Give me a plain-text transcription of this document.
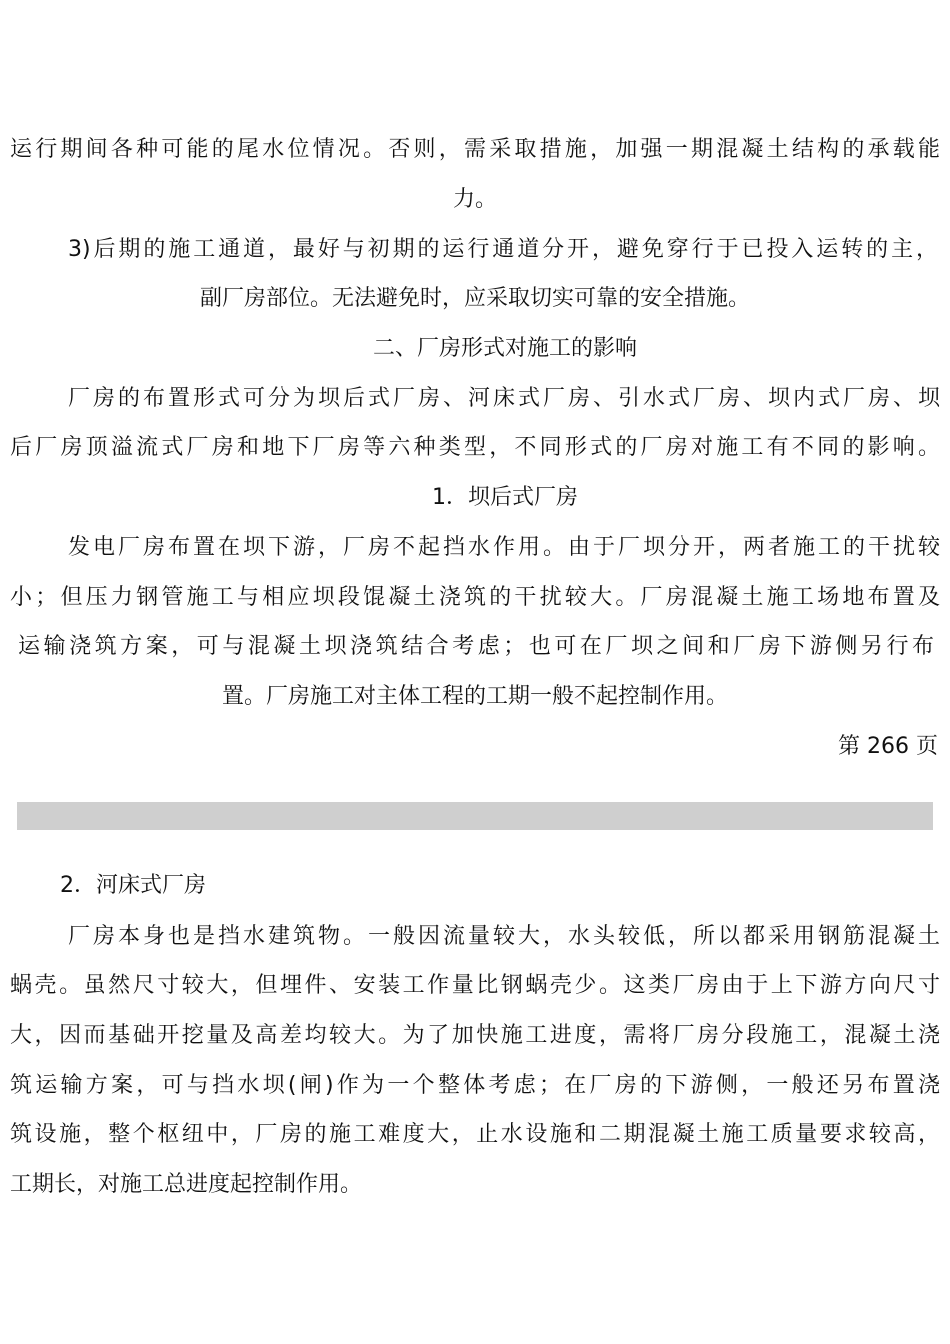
运行期间各种可能的尾水位情况。否则，需采取措施，加强一期混凝土结构的承载能
力。
3)后期的施工通道，最好与初期的运行通道分开，避免穿行于已投入运转的主，
副厂房部位。无法避免时，应采取切实可靠的安全措施。
二、厂房形式对施工的影响
厂房的布置形式可分为坝后式厂房、河床式厂房、引水式厂房、坝内式厂房、坝
后厂房顶溢流式厂房和地下厂房等六种类型，不同形式的厂房对施工有不同的影响。
1．坝后式厂房
发电厂房布置在坝下游，厂房不起挡水作用。由于厂坝分开，两者施工的干扰较
小；但压力钢管施工与相应坝段馄凝土浇筑的干扰较大。厂房混凝土施工场地布置及
运输浇筑方案，可与混凝土坝浇筑结合考虑；也可在厂坝之间和厂房下游侧另行布
置。厂房施工对主体工程的工期一般不起控制作用。
第 266 页
2．河床式厂房
厂房本身也是挡水建筑物。一般因流量较大，水头较低，所以都采用钢筋混凝土
蜗壳。虽然尺寸较大，但埋件、安装工作量比钢蜗壳少。这类厂房由于上下游方向尺寸
大，因而基础开挖量及高差均较大。为了加快施工进度，需将厂房分段施工，混凝土浇
筑运输方案，可与挡水坝(闸)作为一个整体考虑；在厂房的下游侧，一般还另布置浇
筑设施，整个枢纽中，厂房的施工难度大，止水设施和二期混凝土施工质量要求较高，
工期长，对施工总进度起控制作用。
